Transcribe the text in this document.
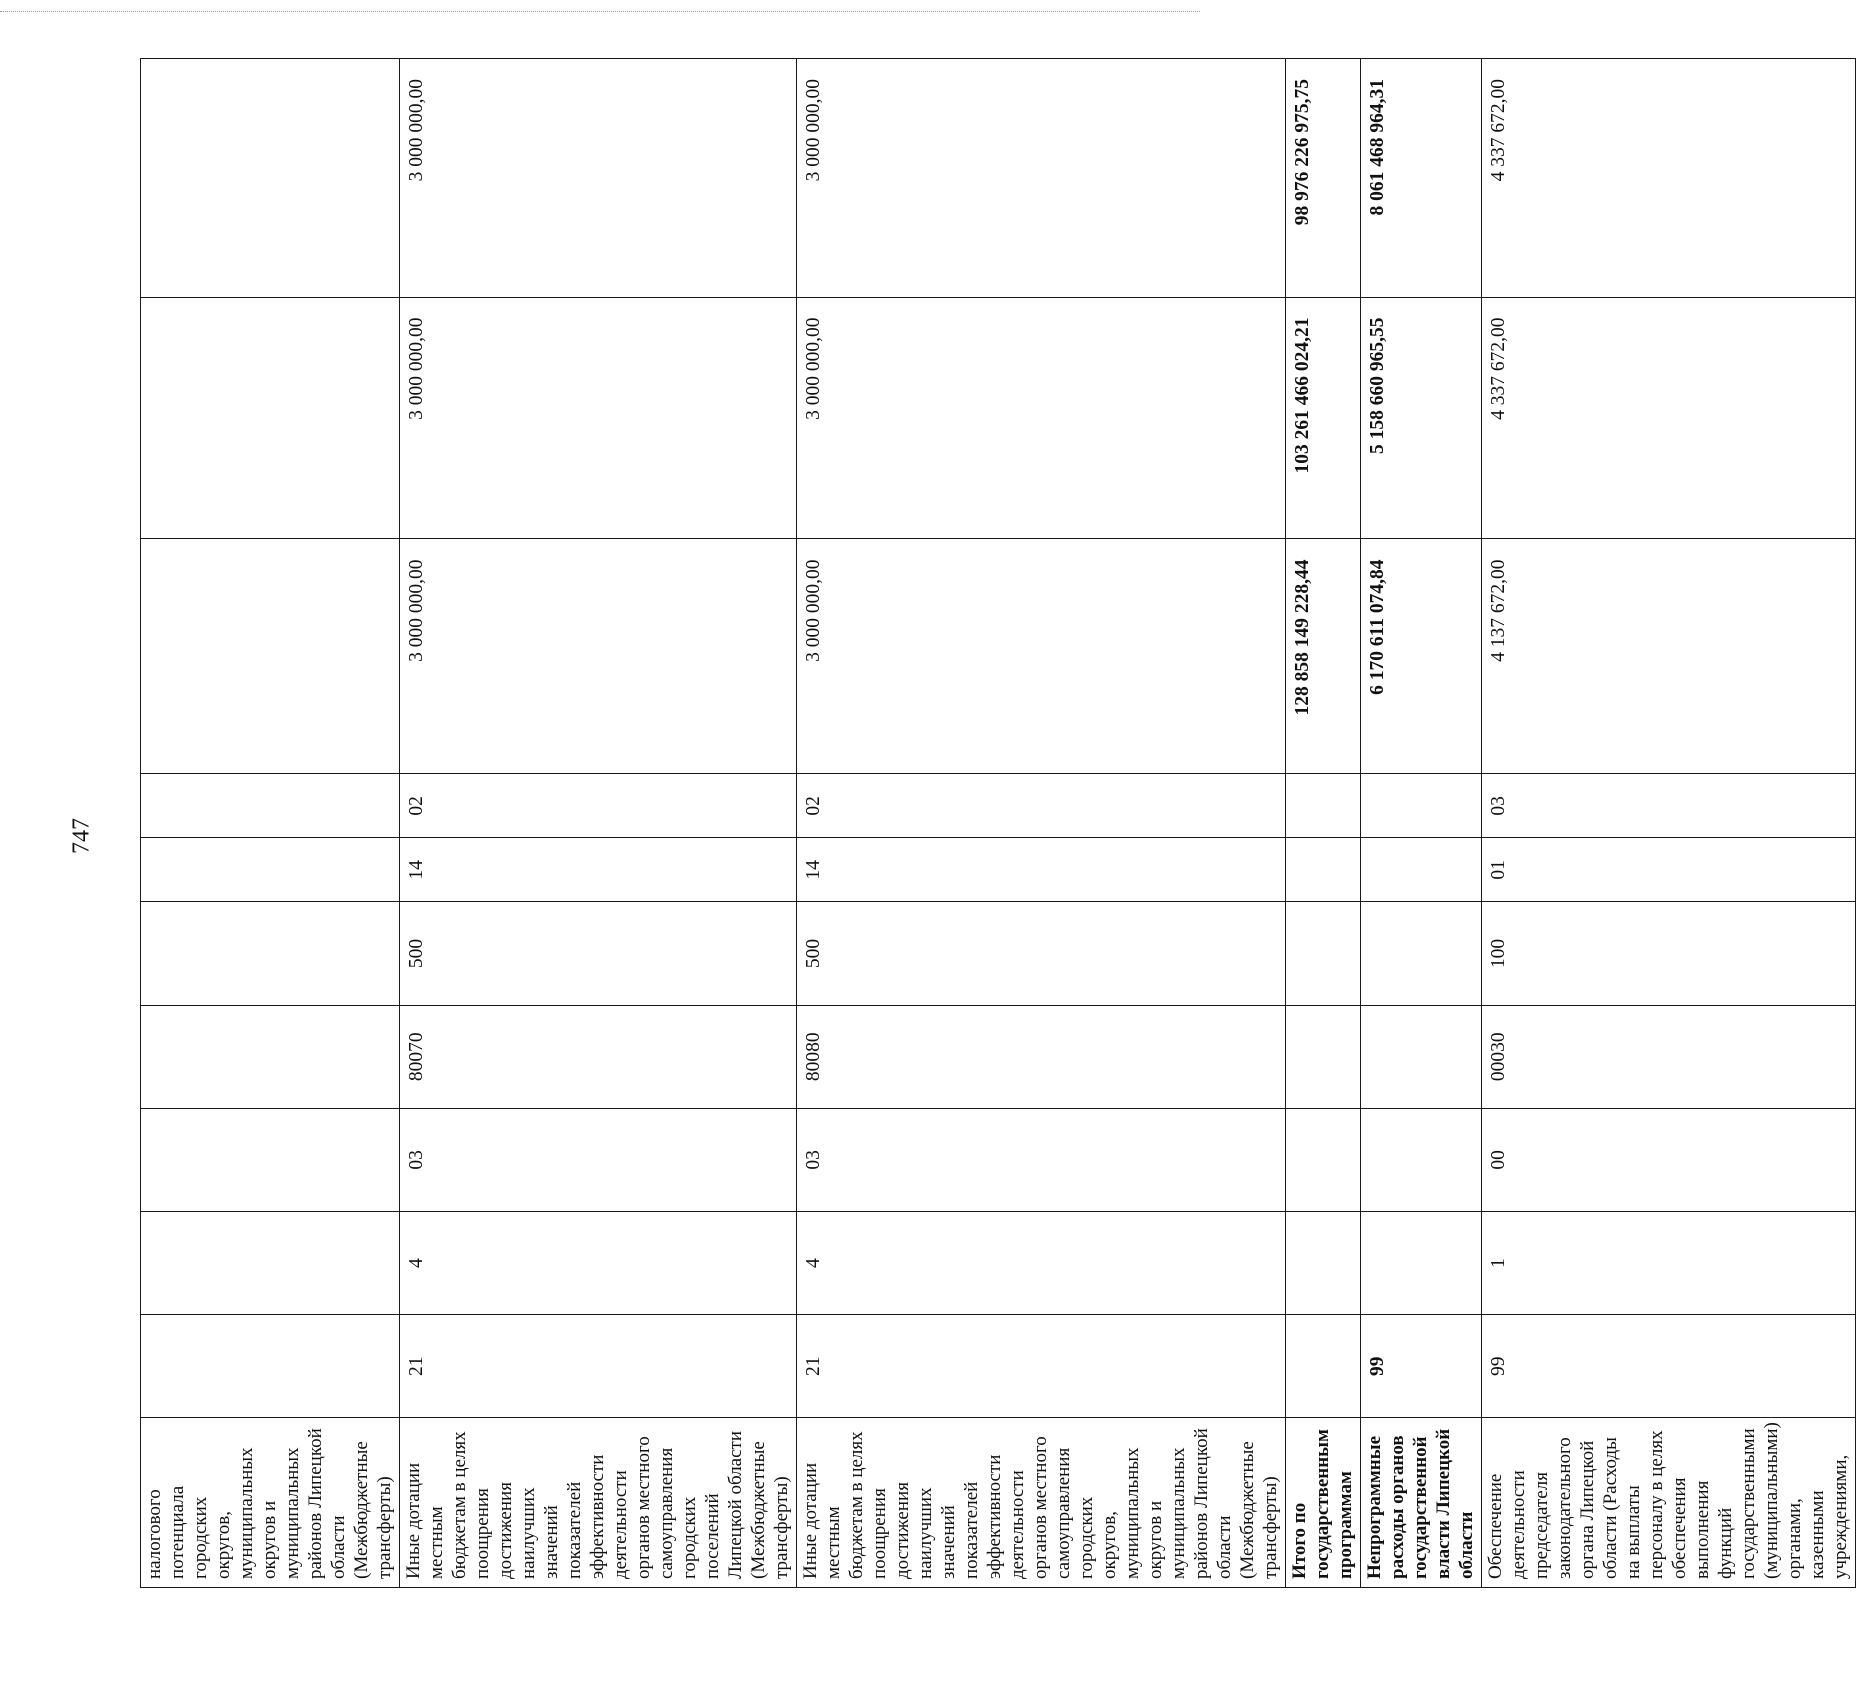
747
налогового потенциала городских округов, муниципальных округов и муниципальных районов Липецкой области (Межбюджетные трансферты)										
Иные дотации местным бюджетам в целях поощрения достижения наилучших значений показателей эффективности деятельности органов местного самоуправления городских поселений Липецкой области (Межбюджетные трансферты)	21	4	03	80070	500	14	02	3 000 000,00	3 000 000,00	3 000 000,00
Иные дотации местным бюджетам в целях поощрения достижения наилучших значений показателей эффективности деятельности органов местного самоуправления городских округов, муниципальных округов и муниципальных районов Липецкой области (Межбюджетные трансферты)	21	4	03	80080	500	14	02	3 000 000,00	3 000 000,00	3 000 000,00
Итого по государственным программам								128 858 149 228,44	103 261 466 024,21	98 976 226 975,75
Непрограммные расходы органов государственной власти Липецкой области	99							6 170 611 074,84	5 158 660 965,55	8 061 468 964,31
Обеспечение деятельности председателя законодательного органа Липецкой области (Расходы на выплаты персоналу в целях обеспечения выполнения функций государственными (муниципальными) органами, казенными учреждениями,	99	1	00	00030	100	01	03	4 137 672,00	4 337 672,00	4 337 672,00
